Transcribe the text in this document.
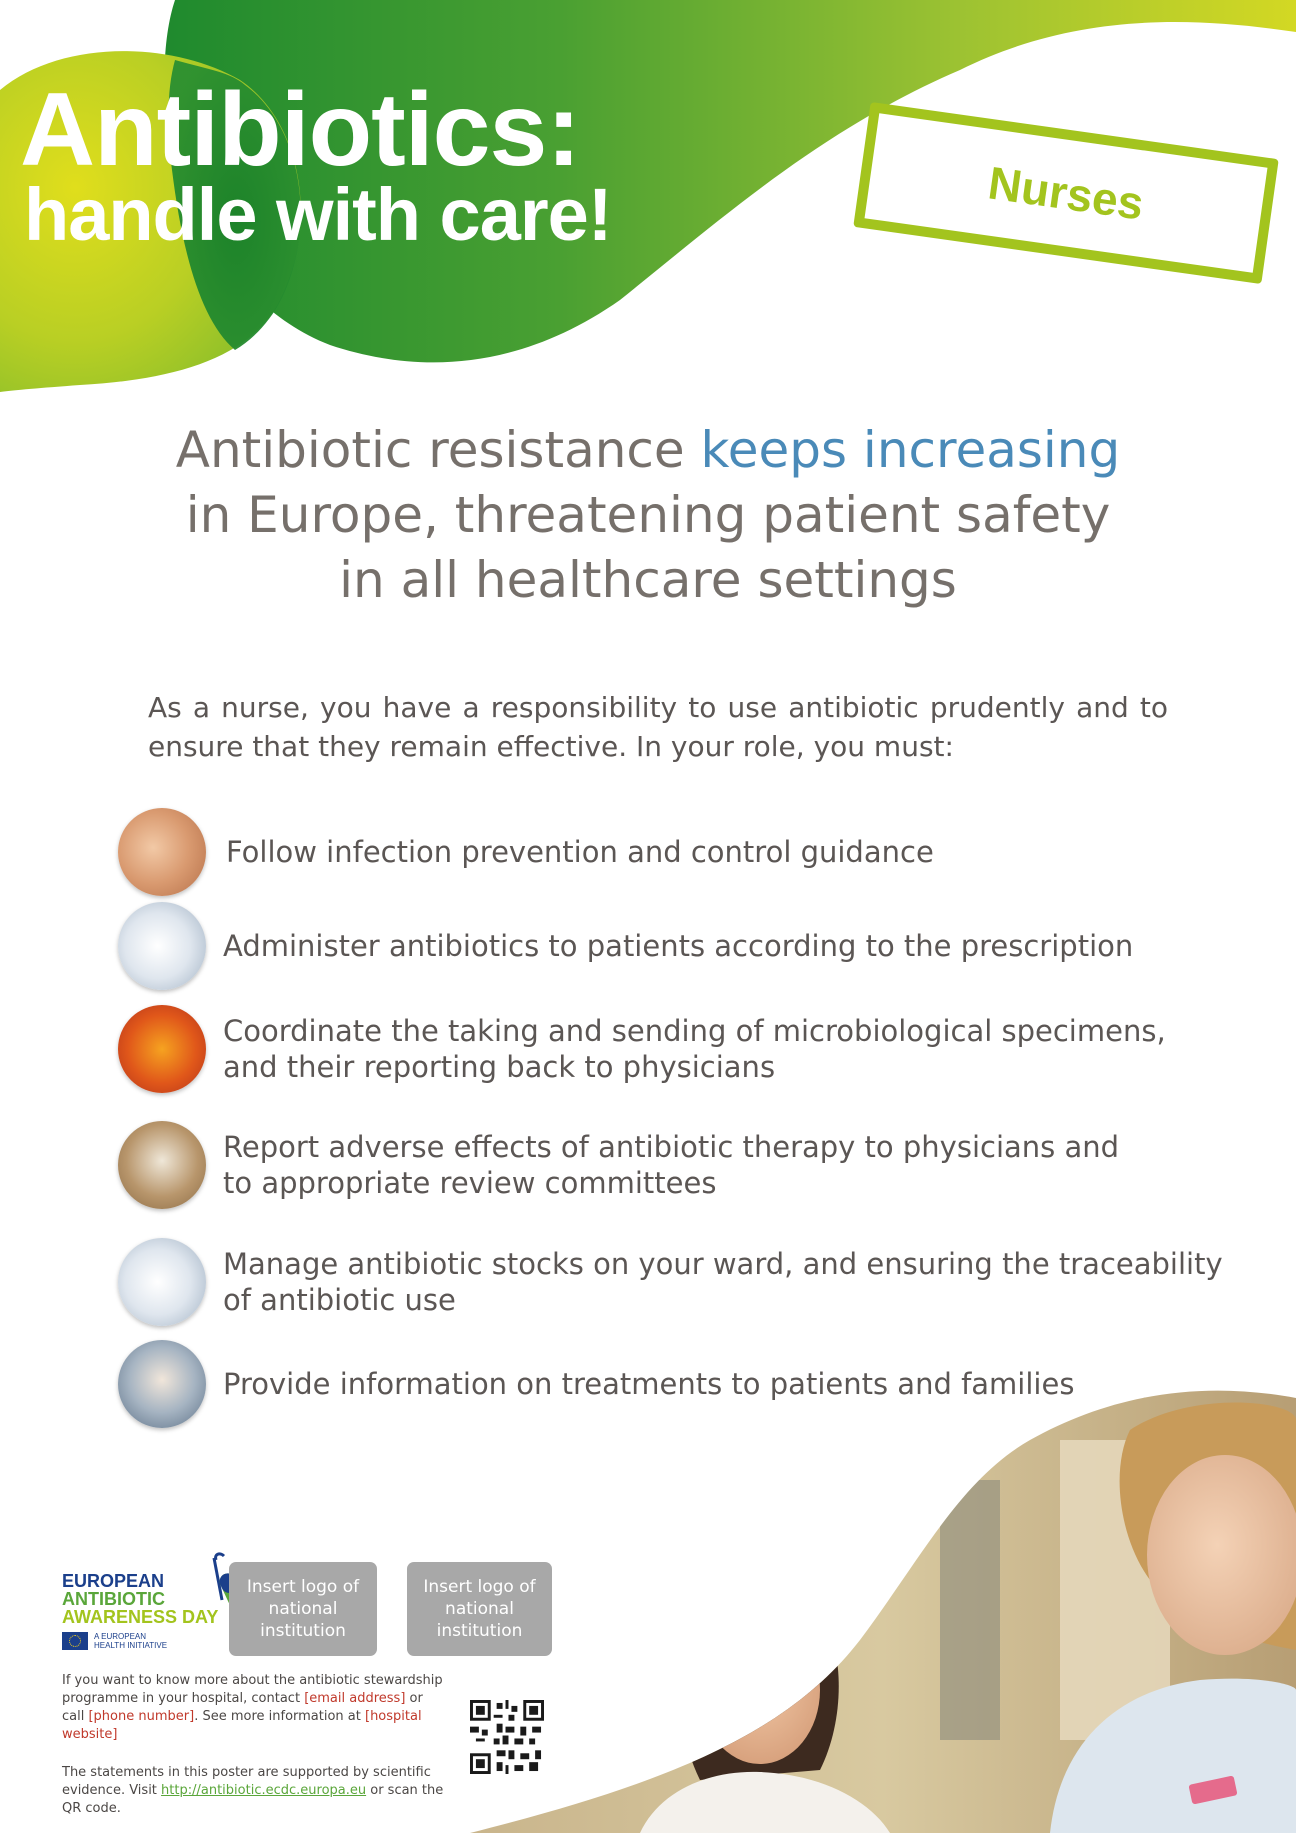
Antibiotics:
handle with care!	Nurses
Antibiotic resistance keeps increasing
in Europe, threatening patient safety
in all healthcare settings
As a nurse, you have a responsibility to use antibiotic prudently and to ensure that they remain effective. In your role, you must:
Follow infection prevention and control guidance
Administer antibiotics to patients according to the prescription
Coordinate the taking and sending of microbiological specimens,
and their reporting back to physicians
Report adverse effects of antibiotic therapy to physicians and
to appropriate review committees
Manage antibiotic stocks on your ward, and ensuring the traceability
of antibiotic use
Provide information on treatments to patients and families
EUROPEAN
ANTIBIOTIC
AWARENESS DAY
A EUROPEAN
HEALTH INITIATIVE
Insert logo of national institution
Insert logo of national institution
If you want to know more about the antibiotic stewardship programme in your hospital, contact [email address] or call [phone number]. See more information at [hospital website]
The statements in this poster are supported by scientific evidence. Visit http://antibiotic.ecdc.europa.eu or scan the QR code.
